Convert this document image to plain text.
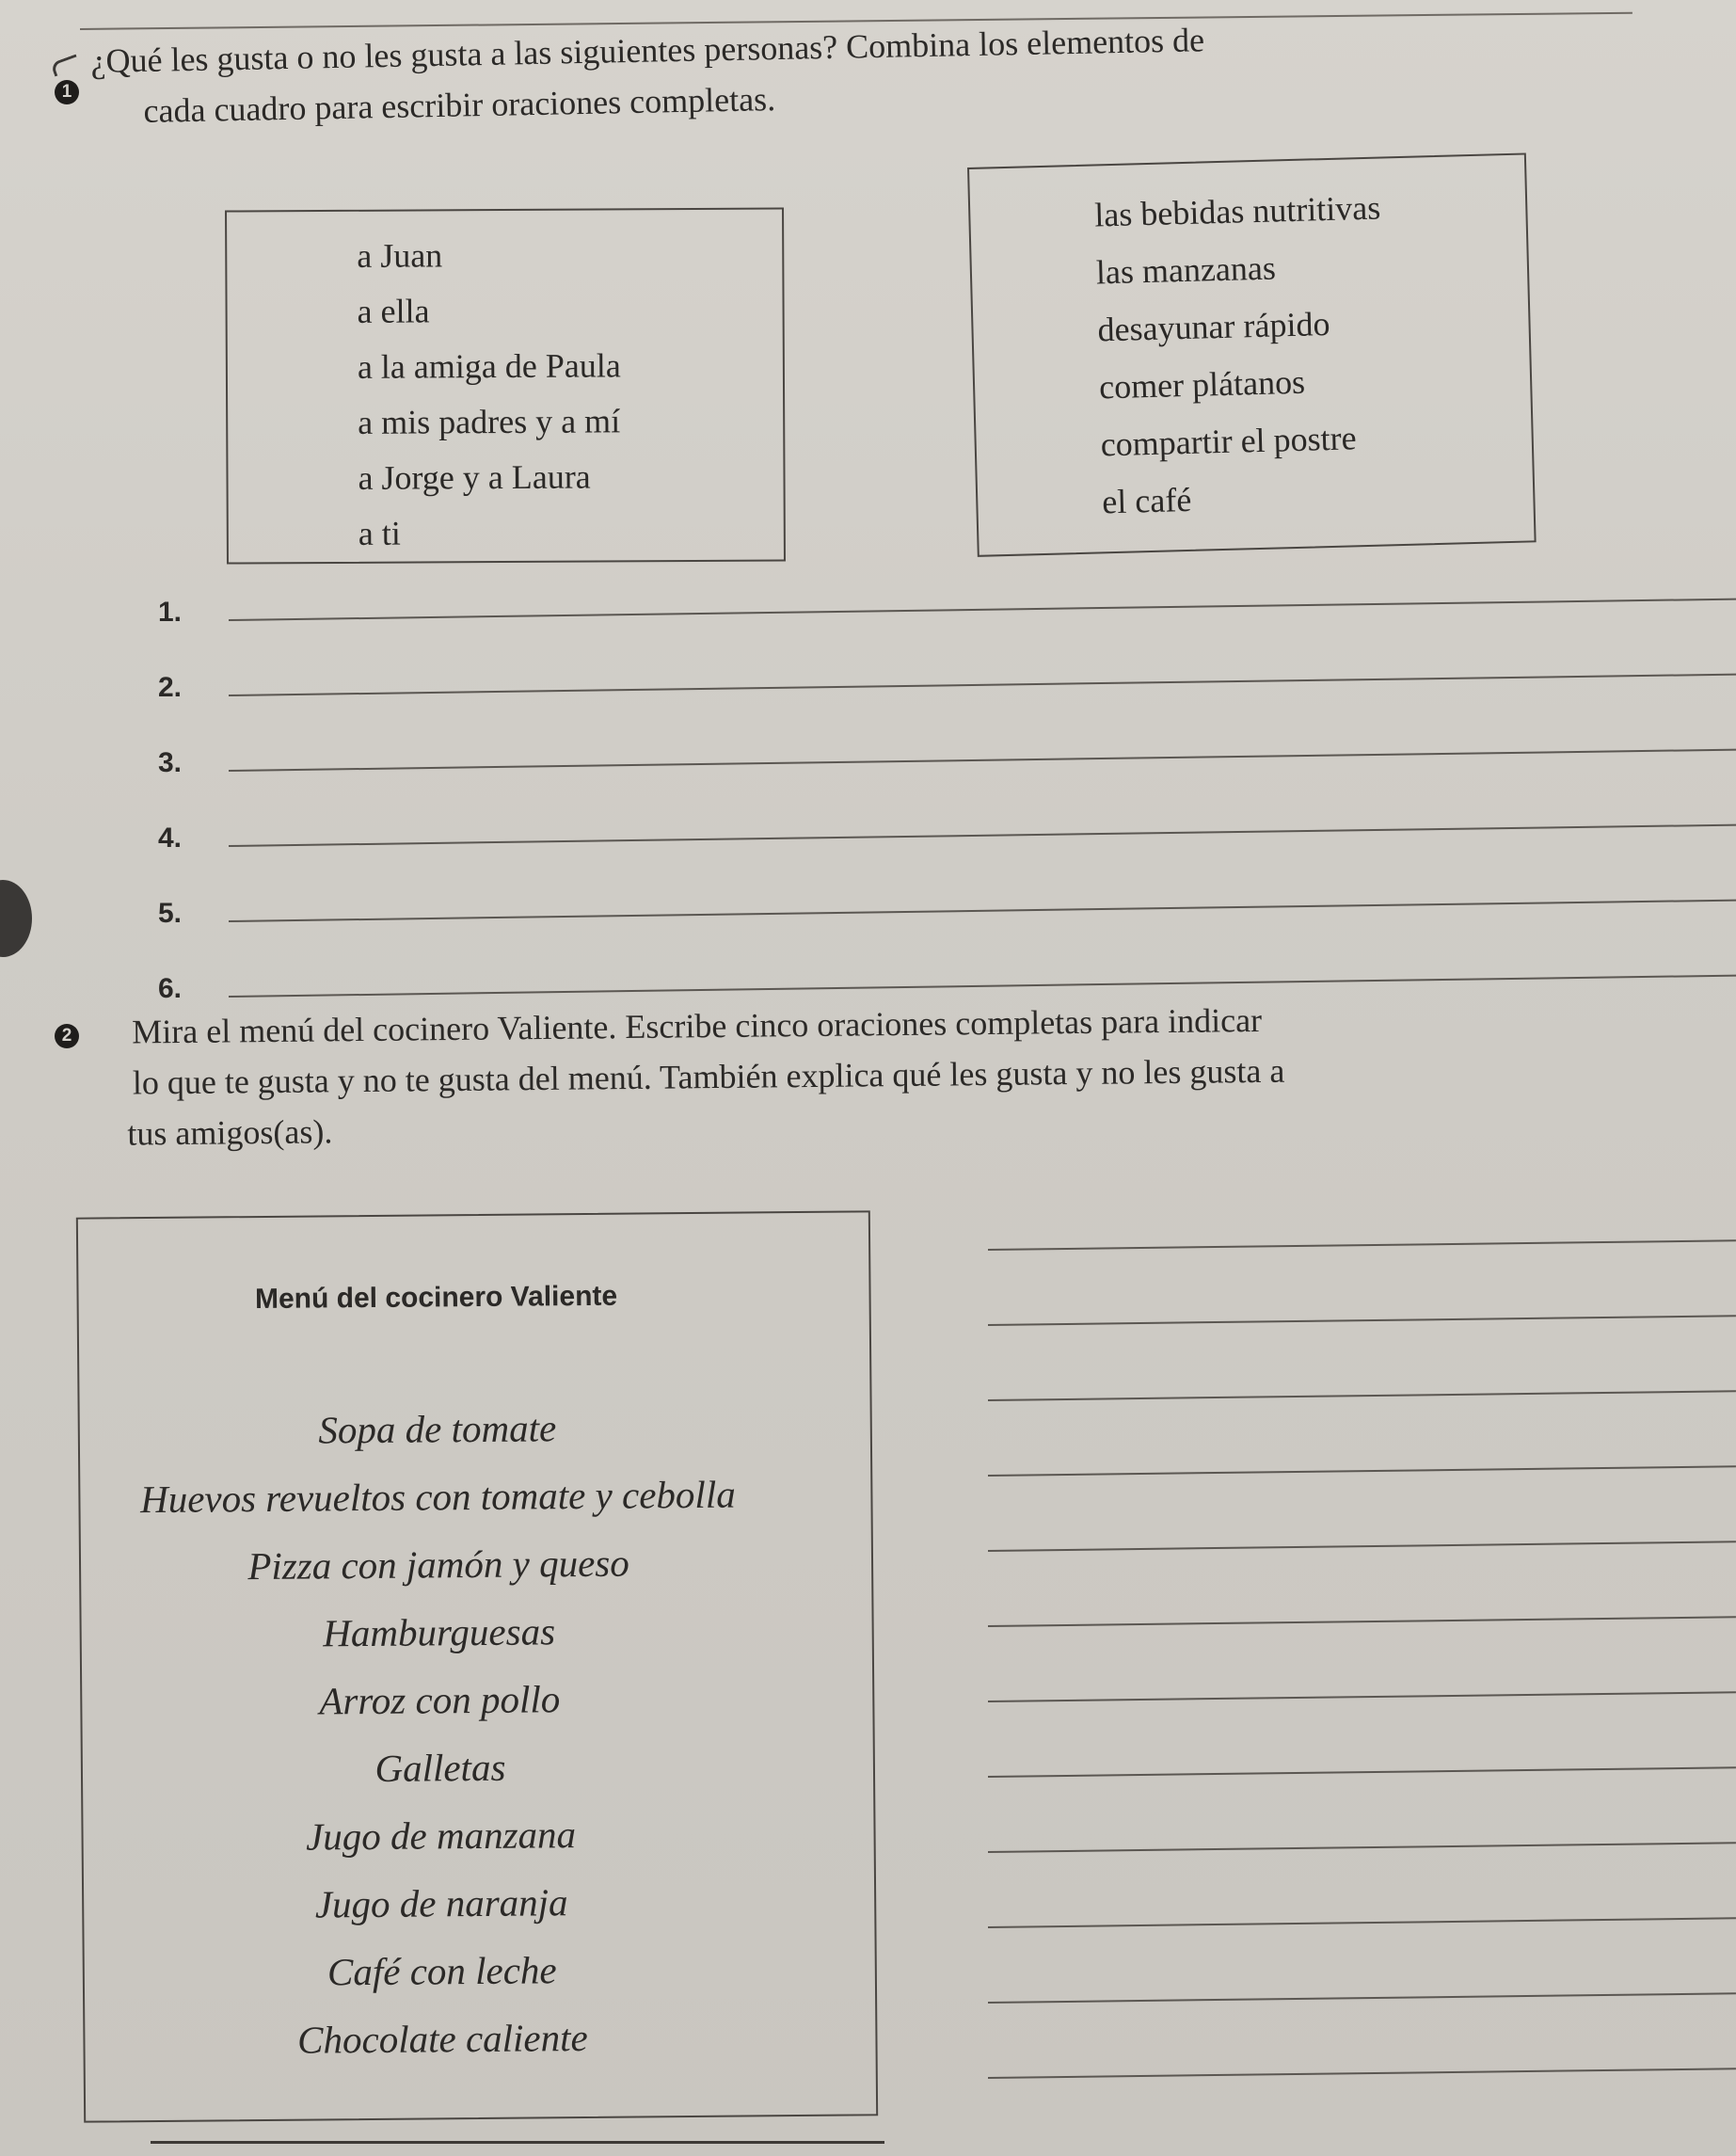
1
¿Qué les gusta o no les gusta a las siguientes personas? Combina los elementos de
cada cuadro para escribir oraciones completas.
a Juan
a ella
a la amiga de Paula
a mis padres y a mí
a Jorge y a Laura
a ti
las bebidas nutritivas
las manzanas
desayunar rápido
comer plátanos
compartir el postre
el café
1.
2.
3.
4.
5.
6.
2	Mira el menú del cocinero Valiente. Escribe cinco oraciones completas para indicar
lo que te gusta y no te gusta del menú. También explica qué les gusta y no les gusta a
tus amigos(as).
Menú del cocinero Valiente
Sopa de tomate
Huevos revueltos con tomate y cebolla
Pizza con jamón y queso
Hamburguesas
Arroz con pollo
Galletas
Jugo de manzana
Jugo de naranja
Café con leche
Chocolate caliente
